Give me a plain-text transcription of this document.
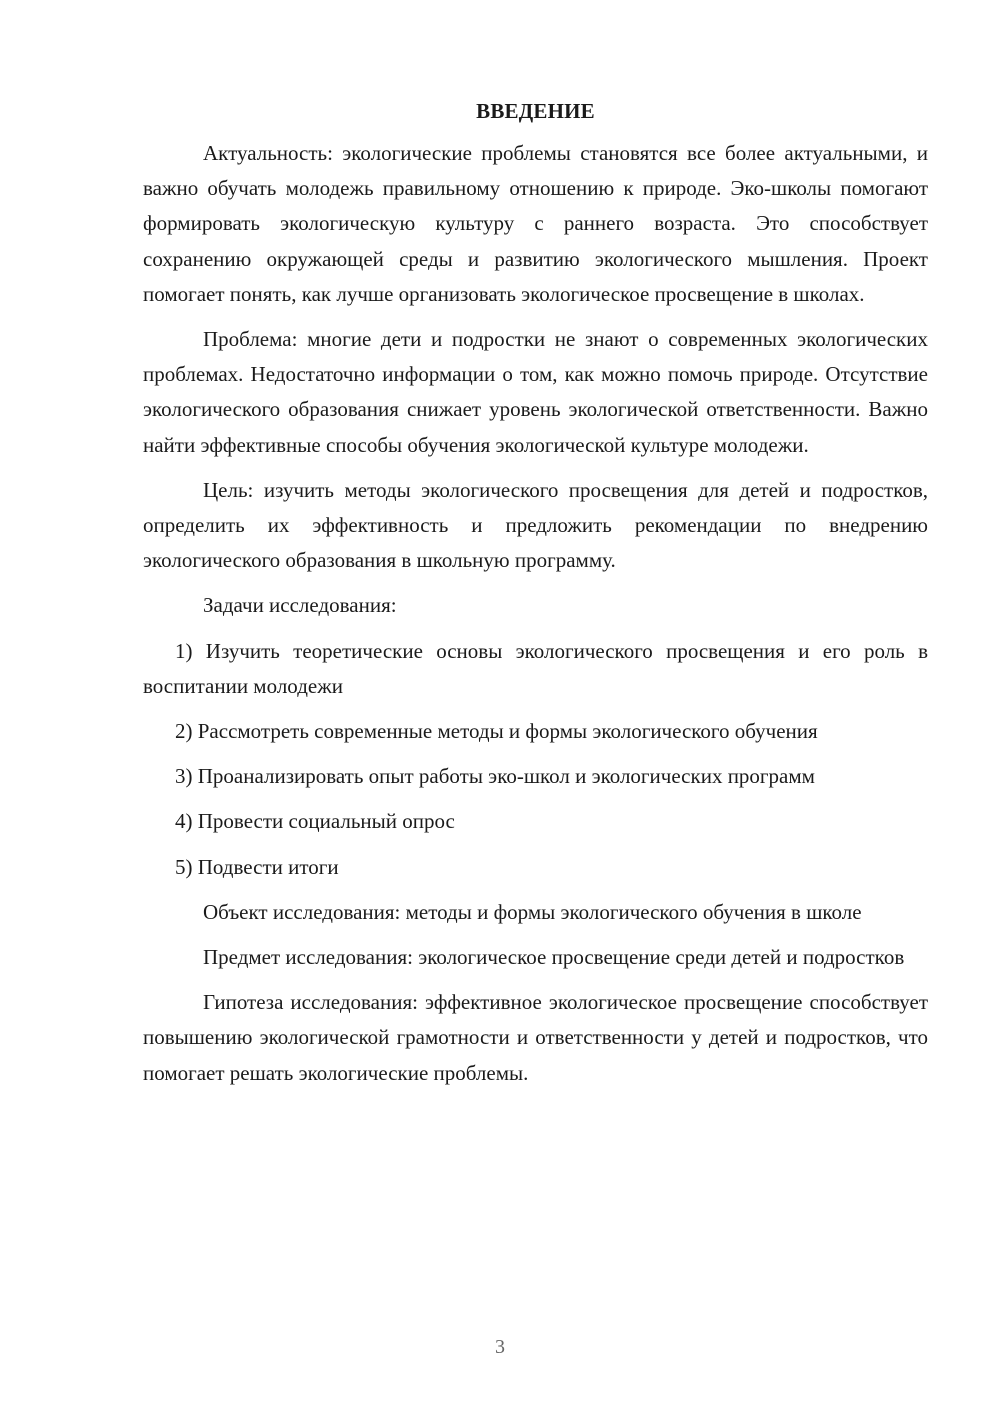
ВВЕДЕНИЕ

Актуальность: экологические проблемы становятся все более актуальными, и важно обучать молодежь правильному отношению к природе. Эко-школы помогают формировать экологическую культуру с раннего возраста. Это способствует сохранению окружающей среды и развитию экологического мышления. Проект помогает понять, как лучше организовать экологическое просвещение в школах.

Проблема: многие дети и подростки не знают о современных экологических проблемах. Недостаточно информации о том, как можно помочь природе. Отсутствие экологического образования снижает уровень экологической ответственности. Важно найти эффективные способы обучения экологической культуре молодежи.

Цель: изучить методы экологического просвещения для детей и подростков, определить их эффективность и предложить рекомендации по внедрению экологического образования в школьную программу.

Задачи исследования:

1) Изучить теоретические основы экологического просвещения и его роль в воспитании молодежи

2) Рассмотреть современные методы и формы экологического обучения

3) Проанализировать опыт работы эко-школ и экологических программ

4) Провести социальный опрос

5) Подвести итоги

Объект исследования: методы и формы экологического обучения в школе

Предмет исследования: экологическое просвещение среди детей и подростков

Гипотеза исследования: эффективное экологическое просвещение способствует повышению экологической грамотности и ответственности у детей и подростков, что помогает решать экологические проблемы.

3
